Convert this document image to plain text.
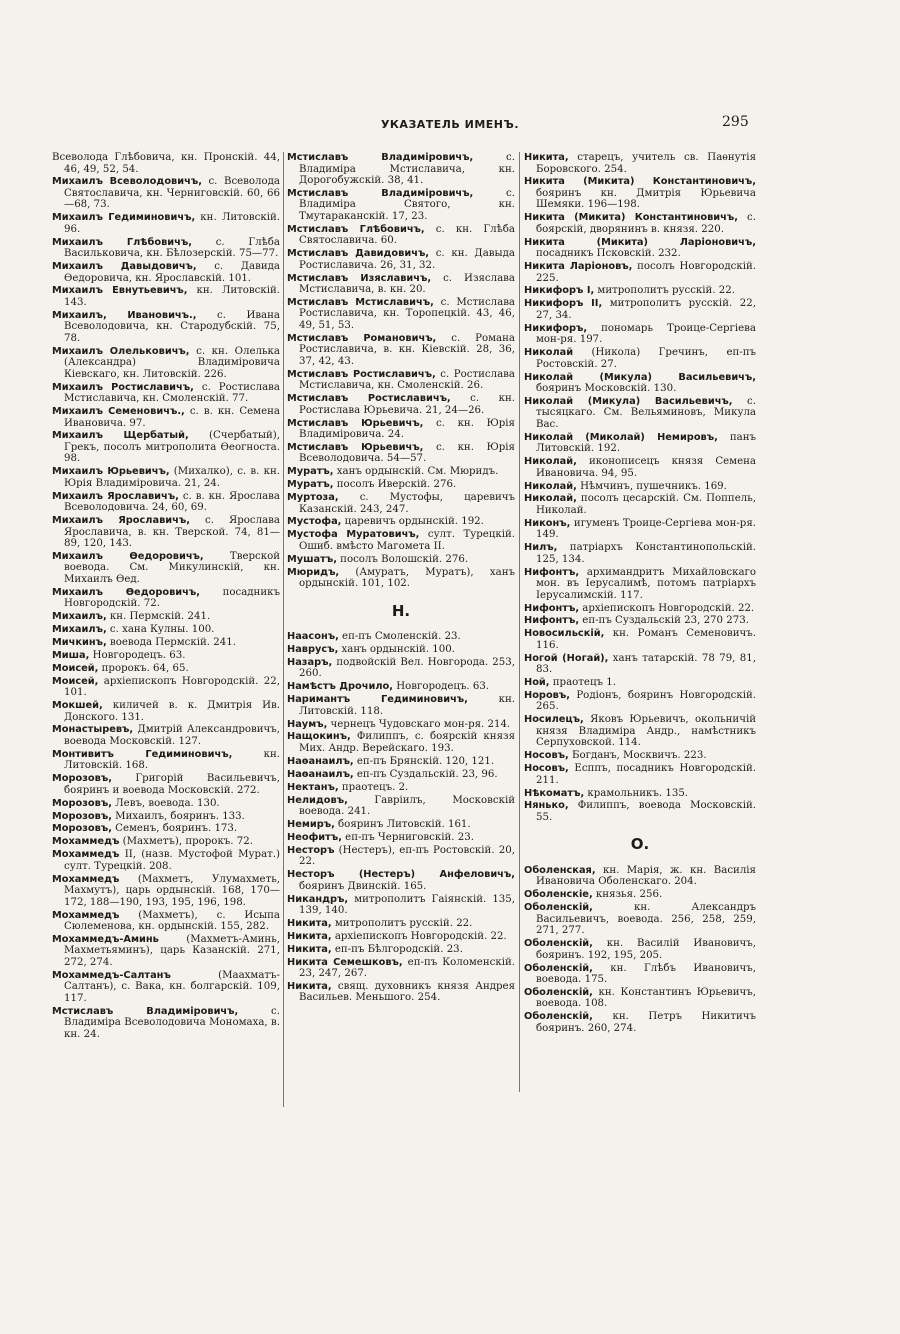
УКАЗАТЕЛЬ ИМЕНЪ.	295
Всеволода Глѣбовича, кн. Пронскій. 44, 46, 49, 52, 54.
Михаилъ Всеволодовичъ, с. Всеволода Святославича, кн. Черниговскій. 60, 66—68, 73.
Михаилъ Гедиминовичъ, кн. Литовскій. 96.
Михаилъ Глѣбовичъ, с. Глѣба Васильковича, кн. Бѣлозерскій. 75—77.
Михаилъ Давыдовичъ, с. Давида Ѳедоровича, кн. Ярославскій. 101.
Михаилъ Евнутьевичъ, кн. Литовскій. 143.
Михаилъ, Ивановичъ., с. Ивана Всеволодовича, кн. Стародубскій. 75, 78.
Михаилъ Олельковичъ, с. кн. Олелька (Александра) Владиміровича Кіевскаго, кн. Литовскій. 226.
Михаилъ Ростиславичъ, с. Ростислава Мстиславича, кн. Смоленскій. 77.
Михаилъ Семеновичъ., с. в. кн. Семена Ивановича. 97.
Михаилъ Щербатый, (Счербатый), Грекъ, посолъ митрополита Ѳеогноста. 98.
Михаилъ Юрьевичъ, (Михалко), с. в. кн. Юрія Владиміровича. 21, 24.
Михаилъ Ярославичъ, с. в. кн. Ярослава Всеволодовича. 24, 60, 69.
Михаилъ Ярославичъ, с. Ярослава Ярославича, в. кн. Тверской. 74, 81—89, 120, 143.
Михаилъ Ѳедоровичъ, Тверской воевода. См. Микулинскій, кн. Михаилъ Ѳед.
Михаилъ Ѳедоровичъ, посадникъ Новгородскій. 72.
Михаилъ, кн. Пермскій. 241.
Михаилъ, с. хана Кулны. 100.
Мичкинъ, воевода Пермскій. 241.
Миша, Новгородецъ. 63.
Моисей, пророкъ. 64, 65.
Моисей, архіепископъ Новгородскій. 22, 101.
Мокшей, киличей в. к. Дмитрія Ив. Донского. 131.
Монастыревъ, Дмитрій Александровичъ, воевода Московскій. 127.
Монтивитъ Гедиминовичъ, кн. Литовскій. 168.
Морозовъ, Григорій Васильевичъ, бояринъ и воевода Московскій. 272.
Морозовъ, Левъ, воевода. 130.
Морозовъ, Михаилъ, бояринъ. 133.
Морозовъ, Семенъ, бояринъ. 173.
Мохаммедъ (Махметъ), пророкъ. 72.
Мохаммедъ II, (назв. Мустофой Мурат.) султ. Турецкій. 208.
Мохаммедъ (Махметъ, Улумахметь, Махмутъ), царь ордынскій. 168, 170—172, 188—190, 193, 195, 196, 198.
Мохаммедъ (Махметъ), с. Исыпа Сюлеменова, кн. ордынскій. 155, 282.
Мохаммедъ-Аминь (Махметъ-Аминь, Махметьяминъ), царь Казанскій. 271, 272, 274.
Мохаммедъ-Салтанъ (Маахматъ-Салтанъ), с. Вака, кн. болгарскій. 109, 117.
Мстиславъ Владиміровичъ, с. Владиміра Всеволодовича Мономаха, в. кн. 24.
Мстиславъ Владиміровичъ, с. Владиміра Мстиславича, кн. Дорогобужскій. 38, 41.
Мстиславъ Владиміровичъ, с. Владиміра Святого, кн. Тмутараканскій. 17, 23.
Мстиславъ Глѣбовичъ, с. кн. Глѣба Святославича. 60.
Мстиславъ Давидовичъ, с. кн. Давыда Ростиславича. 26, 31, 32.
Мстиславъ Изяславичъ, с. Изяслава Мстиславича, в. кн. 20.
Мстиславъ Мстиславичъ, с. Мстислава Ростиславича, кн. Торопецкій. 43, 46, 49, 51, 53.
Мстиславъ Романовичъ, с. Романа Ростиславича, в. кн. Кіевскій. 28, 36, 37, 42, 43.
Мстиславъ Ростиславичъ, с. Ростислава Мстиславича, кн. Смоленскій. 26.
Мстиславъ Ростиславичъ, с. кн. Ростислава Юрьевича. 21, 24—26.
Мстиславъ Юрьевичъ, с. кн. Юрія Владиміровича. 24.
Мстиславъ Юрьевичъ, с. кн. Юрія Всеволодовича. 54—57.
Муратъ, ханъ ордынскій. См. Мюридъ.
Муратъ, посолъ Иверскій. 276.
Муртоза, с. Мустофы, царевичъ Казанскій. 243, 247.
Мустофа, царевичъ ордынскій. 192.
Мустофа Муратовичъ, султ. Турецкій. Ошиб. вмѣсто Магомета II.
Мушатъ, посолъ Волошскій. 276.
Мюридъ, (Амуратъ, Муратъ), ханъ ордынскій. 101, 102.
Н.
Наасонъ, еп-пъ Смоленскій. 23.
Наврусъ, ханъ ордынскій. 100.
Назаръ, подвойскій Вел. Новгорода. 253, 260.
Намѣстъ Дрочило, Новгородецъ. 63.
Наримантъ Гедиминовичъ, кн. Литовскій. 118.
Наумъ, чернецъ Чудовскаго мон-ря. 214.
Нащокинъ, Филиппъ, с. боярскій князя Мих. Андр. Верейскаго. 193.
Наѳанаилъ, еп-пъ Брянскій. 120, 121.
Наѳанаилъ, еп-пъ Суздальскій. 23, 96.
Нектанъ, праотецъ. 2.
Нелидовъ, Гавріилъ, Московскій воевода. 241.
Немиръ, бояринъ Литовскій. 161.
Неофитъ, еп-пъ Черниговскій. 23.
Несторъ (Нестеръ), еп-пъ Ростовскій. 20, 22.
Несторъ (Нестеръ) Анфеловичъ, бояринъ Двинскій. 165.
Никандръ, митрополитъ Гаіянскій. 135, 139, 140.
Никита, митрополитъ русскій. 22.
Никита, архіепископъ Новгородскій. 22.
Никита, еп-пъ Бѣлгородскій. 23.
Никита Семешковъ, еп-пъ Коломенскій. 23, 247, 267.
Никита, свящ. духовникъ князя Андрея Васильев. Меньшого. 254.
Никита, старецъ, учитель св. Паѳнутія Боровского. 254.
Никита (Микита) Константиновичъ, бояринъ кн. Дмитрія Юрьевича Шемяки. 196—198.
Никита (Микита) Константиновичъ, с. боярскій, дворянинъ в. князя. 220.
Никита (Микита) Ларіоновичъ, посадникъ Псковскій. 232.
Никита Ларіоновъ, посолъ Новгородскій. 225.
Никифоръ I, митрополитъ русскій. 22.
Никифоръ II, митрополитъ русскій. 22, 27, 34.
Никифоръ, пономарь Троице-Сергіева мон-ря. 197.
Николай (Никола) Гречинъ, еп-пъ Ростовскій. 27.
Николай (Микула) Васильевичъ, бояринъ Московскій. 130.
Николай (Микула) Васильевичъ, с. тысяцкаго. См. Вельяминовъ, Микула Вас.
Николай (Миколай) Немировъ, панъ Литовскій. 192.
Николай, иконописецъ князя Семена Ивановича. 94, 95.
Николай, Нѣмчинъ, пушечникъ. 169.
Николай, посолъ цесарскій. См. Поппель, Николай.
Никонъ, игуменъ Троице-Сергіева мон-ря. 149.
Нилъ, патріархъ Константинопольскій. 125, 134.
Нифонтъ, архимандритъ Михайловскаго мон. въ Іерусалимѣ, потомъ патріархъ Іерусалимскій. 117.
Нифонтъ, архіепископъ Новгородскій. 22.
Нифонтъ, еп-пъ Суздальскій 23, 270 273.
Новосильскій, кн. Романъ Семеновичъ. 116.
Ногой (Ногай), ханъ татарскій. 78 79, 81, 83.
Ной, праотецъ 1.
Норовъ, Родіонъ, бояринъ Новгородскій. 265.
Носилецъ, Яковъ Юрьевичъ, окольничій князя Владиміра Андр., намѣстникъ Серпуховской. 114.
Носовъ, Богданъ, Москвичъ. 223.
Носовъ, Есппъ, посадникъ Новгородскій. 211.
Нѣкоматъ, крамольникъ. 135.
Нянько, Филиппъ, воевода Московскій. 55.
О.
Оболенская, кн. Марія, ж. кн. Василія Ивановича Оболенскаго. 204.
Оболенскіе, князья. 256.
Оболенскій, кн. Александръ Васильевичъ, воевода. 256, 258, 259, 271, 277.
Оболенскій, кн. Василій Ивановичъ, бояринъ. 192, 195, 205.
Оболенскій, кн. Глѣбъ Ивановичъ, воевода. 175.
Оболенскій, кн. Константинъ Юрьевичъ, воевода. 108.
Оболенскій, кн. Петръ Никитичъ бояринъ. 260, 274.
